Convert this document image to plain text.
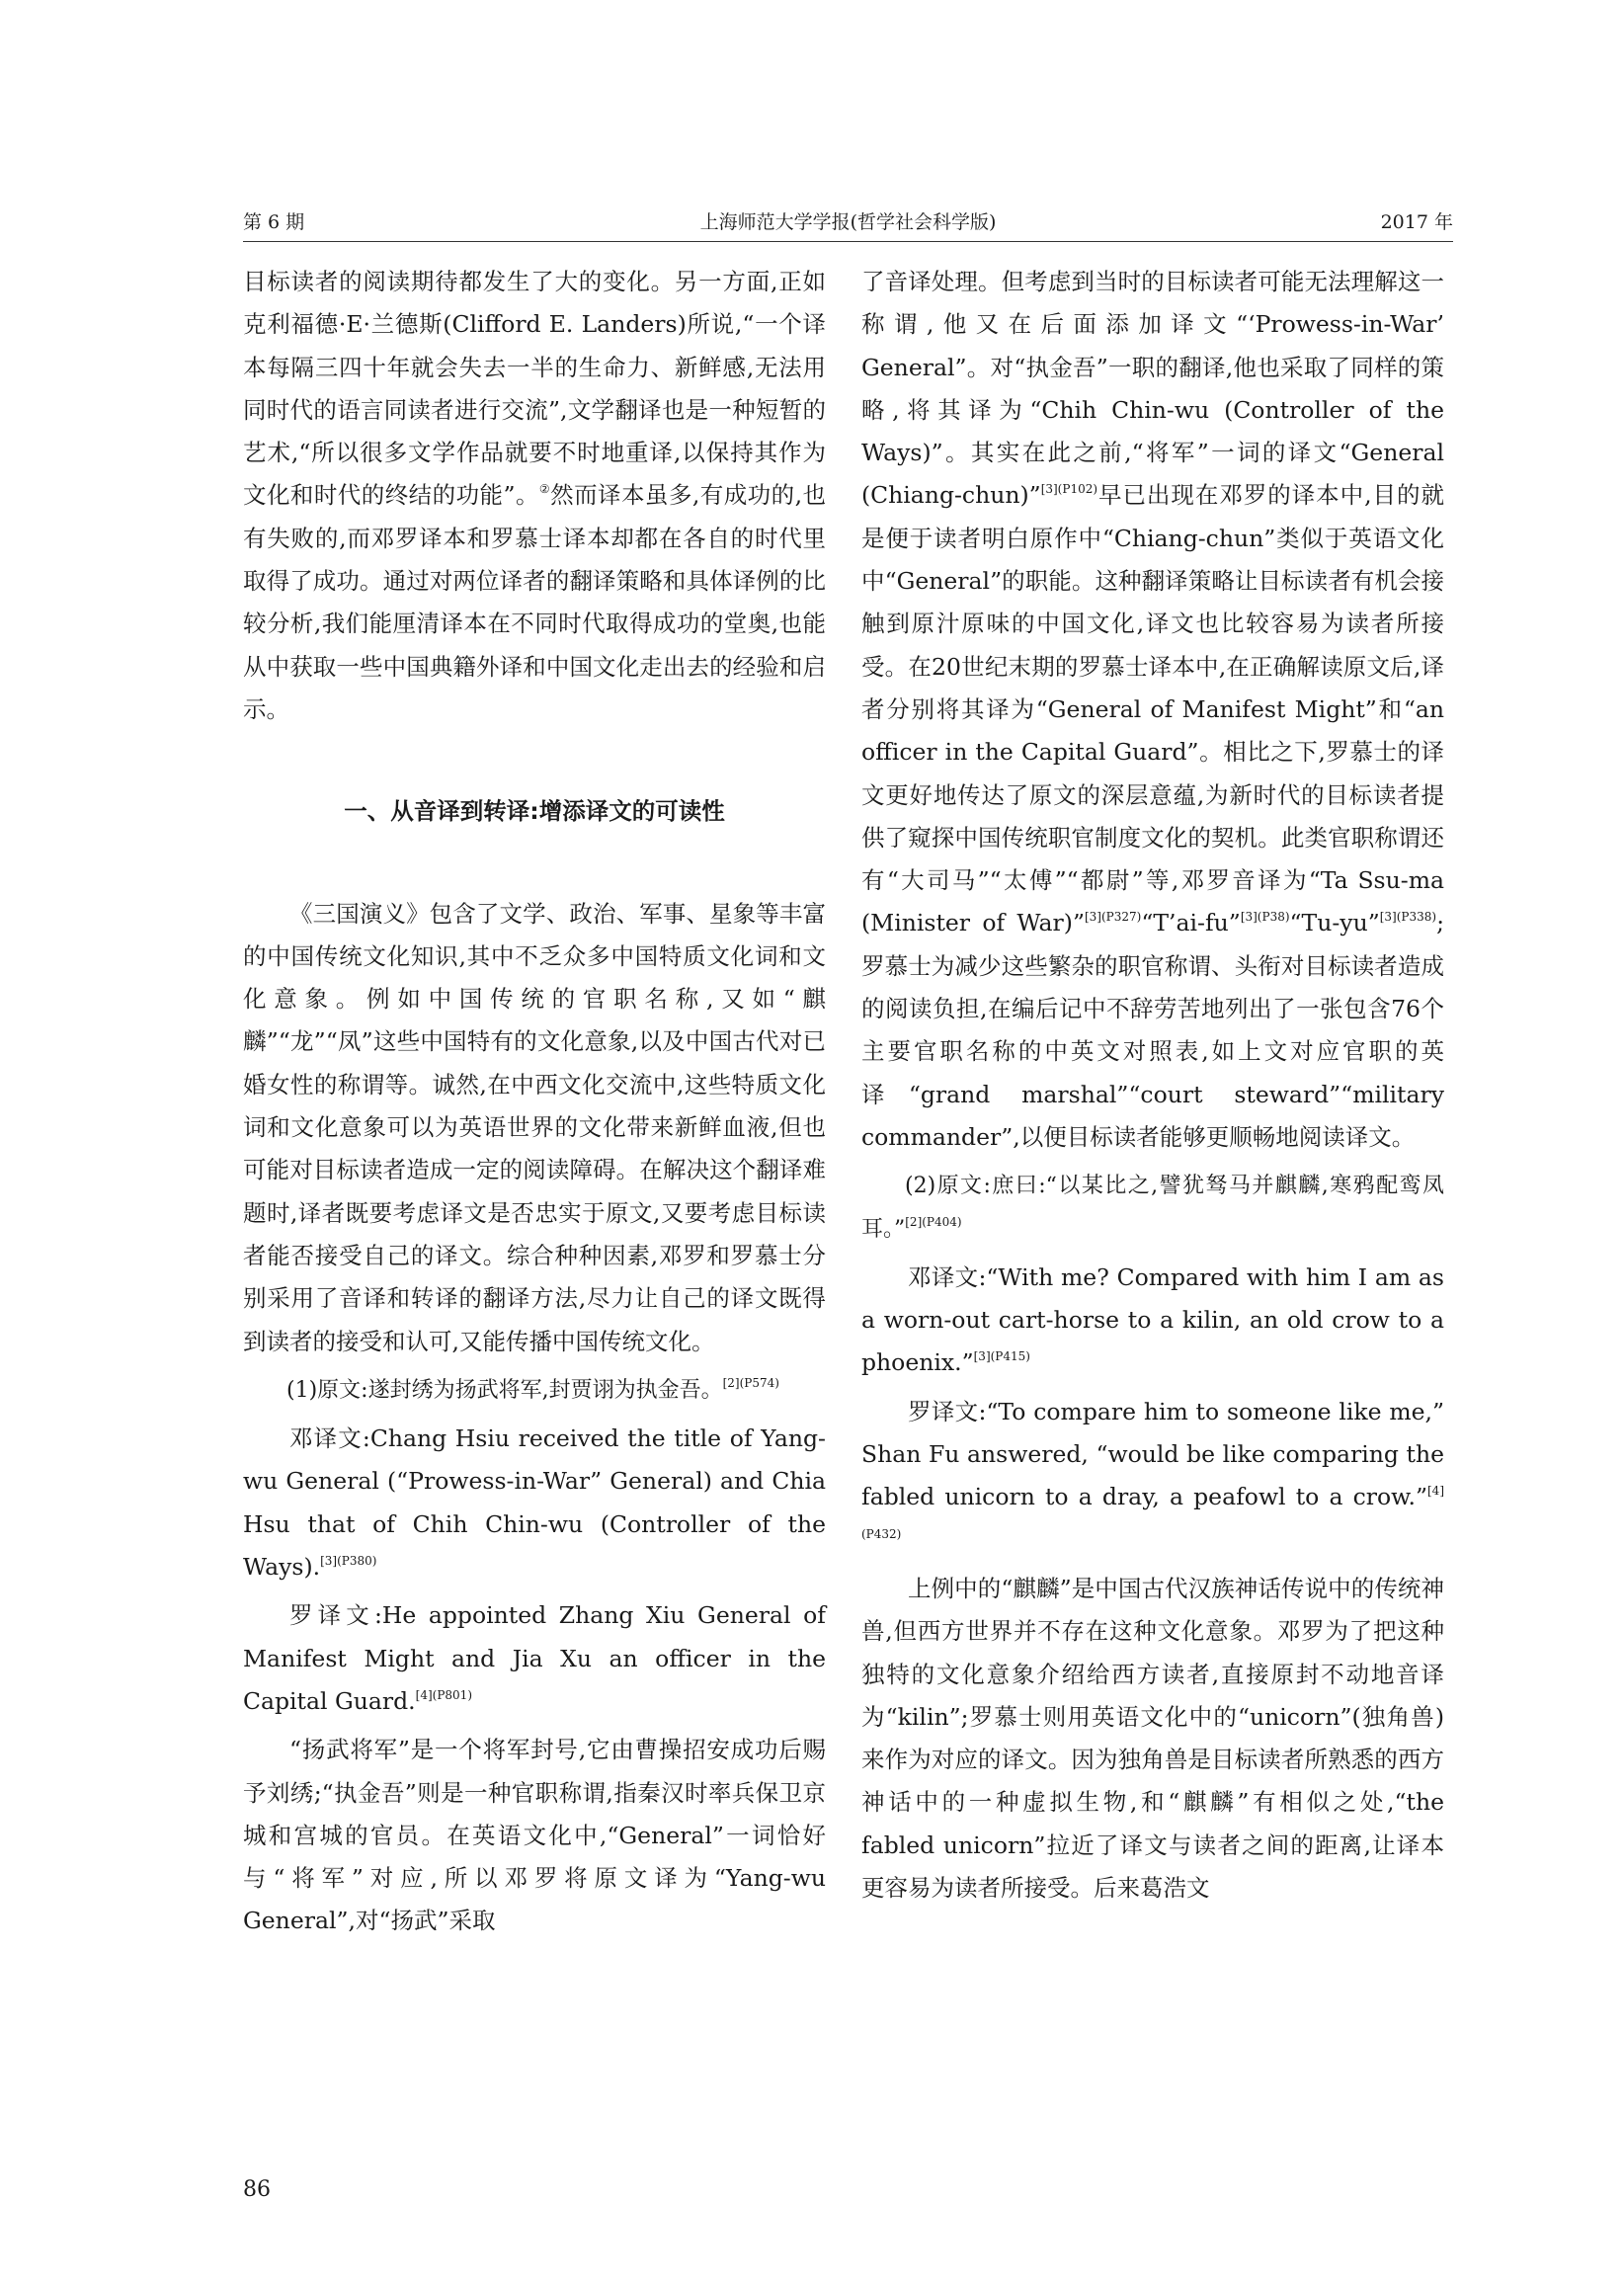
第 6 期	上海师范大学学报(哲学社会科学版)	2017 年

目标读者的阅读期待都发生了大的变化。另一方面,正如克利福德·E·兰德斯(Clifford E. Landers)所说,“一个译本每隔三四十年就会失去一半的生命力、新鲜感,无法用同时代的语言同读者进行交流”,文学翻译也是一种短暂的艺术,“所以很多文学作品就要不时地重译,以保持其作为文化和时代的终结的功能”。②然而译本虽多,有成功的,也有失败的,而邓罗译本和罗慕士译本却都在各自的时代里取得了成功。通过对两位译者的翻译策略和具体译例的比较分析,我们能厘清译本在不同时代取得成功的堂奥,也能从中获取一些中国典籍外译和中国文化走出去的经验和启示。

一、从音译到转译:增添译文的可读性

《三国演义》包含了文学、政治、军事、星象等丰富的中国传统文化知识,其中不乏众多中国特质文化词和文化意象。例如中国传统的官职名称,又如“麒麟”“龙”“凤”这些中国特有的文化意象,以及中国古代对已婚女性的称谓等。诚然,在中西文化交流中,这些特质文化词和文化意象可以为英语世界的文化带来新鲜血液,但也可能对目标读者造成一定的阅读障碍。在解决这个翻译难题时,译者既要考虑译文是否忠实于原文,又要考虑目标读者能否接受自己的译文。综合种种因素,邓罗和罗慕士分别采用了音译和转译的翻译方法,尽力让自己的译文既得到读者的接受和认可,又能传播中国传统文化。

(1)原文:遂封绣为扬武将军,封贾诩为执金吾。$^{[2](P574)}$

邓译文:Chang Hsiu received the title of Yang-wu General (“Prowess-in-War” General) and Chia Hsu that of Chih Chin-wu (Controller of the Ways).$^{[3](P380)}$

罗译文:He appointed Zhang Xiu General of Manifest Might and Jia Xu an officer in the Capital Guard.$^{[4](P801)}$

“扬武将军”是一个将军封号,它由曹操招安成功后赐予刘绣;“执金吾”则是一种官职称谓,指秦汉时率兵保卫京城和宫城的官员。在英语文化中,“General”一词恰好与“将军”对应,所以邓罗将原文译为“Yang-wu General”,对“扬武”采取

了音译处理。但考虑到当时的目标读者可能无法理解这一称谓,他又在后面添加译文“‘Prowess-in-War’ General”。对“执金吾”一职的翻译,他也采取了同样的策略,将其译为“Chih Chin-wu (Controller of the Ways)”。其实在此之前,“将军”一词的译文“General (Chiang-chun)”$^{[3](P102)}$早已出现在邓罗的译本中,目的就是便于读者明白原作中“Chiang-chun”类似于英语文化中“General”的职能。这种翻译策略让目标读者有机会接触到原汁原味的中国文化,译文也比较容易为读者所接受。在20世纪末期的罗慕士译本中,在正确解读原文后,译者分别将其译为“General of Manifest Might”和“an officer in the Capital Guard”。相比之下,罗慕士的译文更好地传达了原文的深层意蕴,为新时代的目标读者提供了窥探中国传统职官制度文化的契机。此类官职称谓还有“大司马”“太傅”“都尉”等,邓罗音译为“Ta Ssu-ma (Minister of War)”$^{[3](P327)}$“T’ai-fu”$^{[3](P38)}$“Tu-yu”$^{[3](P338)}$;罗慕士为减少这些繁杂的职官称谓、头衔对目标读者造成的阅读负担,在编后记中不辞劳苦地列出了一张包含76个主要官职名称的中英文对照表,如上文对应官职的英译“grand marshal”“court steward”“military commander”,以便目标读者能够更顺畅地阅读译文。

(2)原文:庶曰:“以某比之,譬犹驽马并麒麟,寒鸦配鸾凤耳。”$^{[2](P404)}$

邓译文:“With me? Compared with him I am as a worn-out cart-horse to a kilin, an old crow to a phoenix.”$^{[3](P415)}$

罗译文:“To compare him to someone like me,” Shan Fu answered, “would be like comparing the fabled unicorn to a dray, a peafowl to a crow.”$^{[4](P432)}$

上例中的“麒麟”是中国古代汉族神话传说中的传统神兽,但西方世界并不存在这种文化意象。邓罗为了把这种独特的文化意象介绍给西方读者,直接原封不动地音译为“kilin”;罗慕士则用英语文化中的“unicorn”(独角兽)来作为对应的译文。因为独角兽是目标读者所熟悉的西方神话中的一种虚拟生物,和“麒麟”有相似之处,“the fabled unicorn”拉近了译文与读者之间的距离,让译本更容易为读者所接受。后来葛浩文

86
